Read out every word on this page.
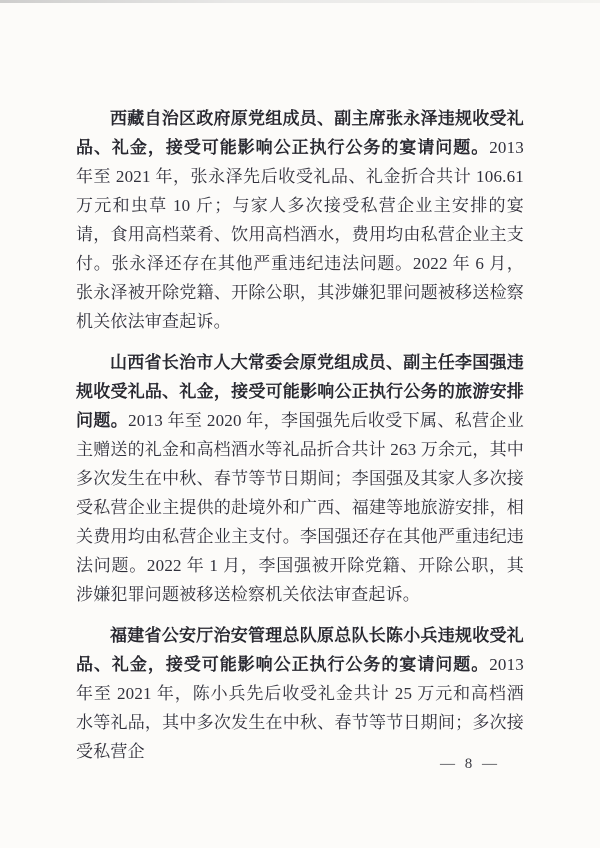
西藏自治区政府原党组成员、副主席张永泽违规收受礼品、礼金，接受可能影响公正执行公务的宴请问题。2013 年至 2021 年，张永泽先后收受礼品、礼金折合共计 106.61 万元和虫草 10 斤；与家人多次接受私营企业主安排的宴请，食用高档菜肴、饮用高档酒水，费用均由私营企业主支付。张永泽还存在其他严重违纪违法问题。2022 年 6 月，张永泽被开除党籍、开除公职，其涉嫌犯罪问题被移送检察机关依法审查起诉。

山西省长治市人大常委会原党组成员、副主任李国强违规收受礼品、礼金，接受可能影响公正执行公务的旅游安排问题。2013 年至 2020 年，李国强先后收受下属、私营企业主赠送的礼金和高档酒水等礼品折合共计 263 万余元，其中多次发生在中秋、春节等节日期间；李国强及其家人多次接受私营企业主提供的赴境外和广西、福建等地旅游安排，相关费用均由私营企业主支付。李国强还存在其他严重违纪违法问题。2022 年 1 月，李国强被开除党籍、开除公职，其涉嫌犯罪问题被移送检察机关依法审查起诉。

福建省公安厅治安管理总队原总队长陈小兵违规收受礼品、礼金，接受可能影响公正执行公务的宴请问题。2013 年至 2021 年，陈小兵先后收受礼金共计 25 万元和高档酒水等礼品，其中多次发生在中秋、春节等节日期间；多次接受私营企

— 8 —
